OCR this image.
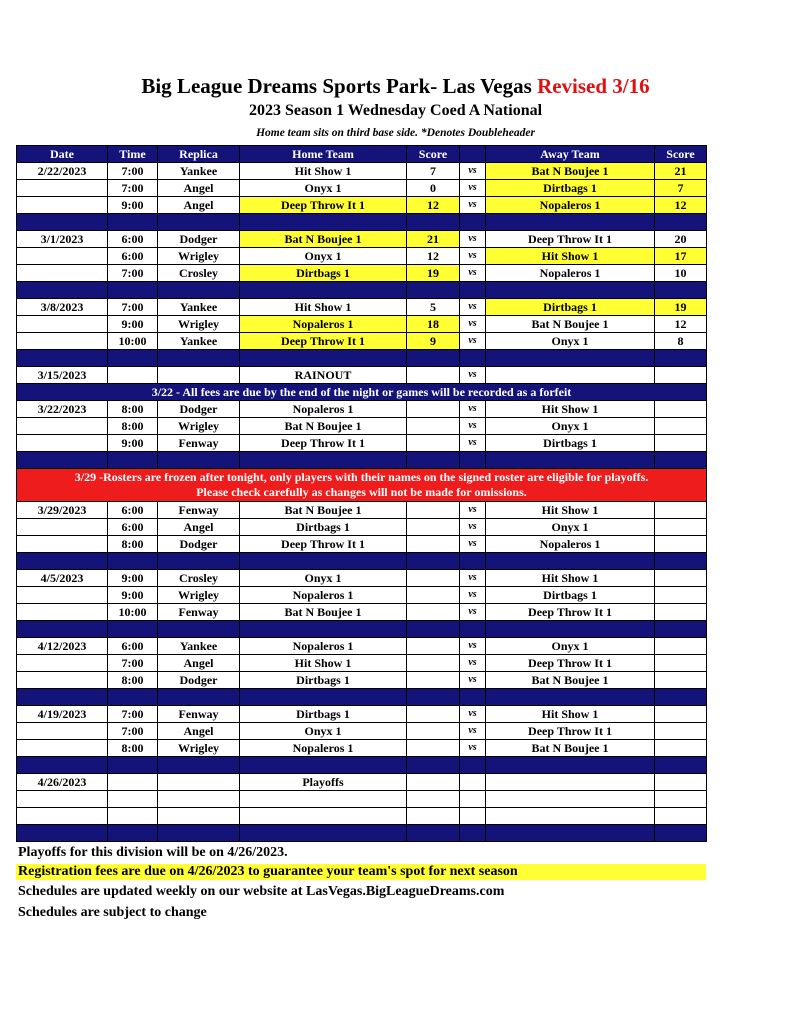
Big League Dreams Sports Park- Las Vegas Revised 3/16
2023 Season 1 Wednesday Coed A National
Home team sits on third base side. *Denotes Doubleheader
Date	Time	Replica	Home Team	Score		Away Team	Score
2/22/2023	7:00	Yankee	Hit Show 1	7	vs	Bat N Boujee 1	21
	7:00	Angel	Onyx 1	0	vs	Dirtbags 1	7
	9:00	Angel	Deep Throw It 1	12	vs	Nopaleros 1	12

3/1/2023	6:00	Dodger	Bat N Boujee 1	21	vs	Deep Throw It 1	20
	6:00	Wrigley	Onyx 1	12	vs	Hit Show 1	17
	7:00	Crosley	Dirtbags 1	19	vs	Nopaleros 1	10

3/8/2023	7:00	Yankee	Hit Show 1	5	vs	Dirtbags 1	19
	9:00	Wrigley	Nopaleros 1	18	vs	Bat N Boujee 1	12
	10:00	Yankee	Deep Throw It 1	9	vs	Onyx 1	8

3/15/2023			RAINOUT		vs		
3/22 - All fees are due by the end of the night or games will be recorded as a forfeit							
3/22/2023	8:00	Dodger	Nopaleros 1		vs	Hit Show 1	
	8:00	Wrigley	Bat N Boujee 1		vs	Onyx 1	
	9:00	Fenway	Deep Throw It 1		vs	Dirtbags 1	

3/29 -Rosters are frozen after tonight, only players with their names on the signed roster are eligible for playoffs.
Please check carefully as changes will not be made for omissions.							

3/29/2023	6:00	Fenway	Bat N Boujee 1		vs	Hit Show 1	
	6:00	Angel	Dirtbags 1		vs	Onyx 1	
	8:00	Dodger	Deep Throw It 1		vs	Nopaleros 1	

4/5/2023	9:00	Crosley	Onyx 1		vs	Hit Show 1	
	9:00	Wrigley	Nopaleros 1		vs	Dirtbags 1	
	10:00	Fenway	Bat N Boujee 1		vs	Deep Throw It 1	

4/12/2023	6:00	Yankee	Nopaleros 1		vs	Onyx 1	
	7:00	Angel	Hit Show 1		vs	Deep Throw It 1	
	8:00	Dodger	Dirtbags 1		vs	Bat N Boujee 1	

4/19/2023	7:00	Fenway	Dirtbags 1		vs	Hit Show 1	
	7:00	Angel	Onyx 1		vs	Deep Throw It 1	
	8:00	Wrigley	Nopaleros 1		vs	Bat N Boujee 1	

4/26/2023			Playoffs				

Playoffs for this division will be on 4/26/2023.
Registration fees are due on 4/26/2023 to guarantee your team's spot for next season
Schedules are updated weekly on our website at LasVegas.BigLeagueDreams.com
Schedules are subject to change
